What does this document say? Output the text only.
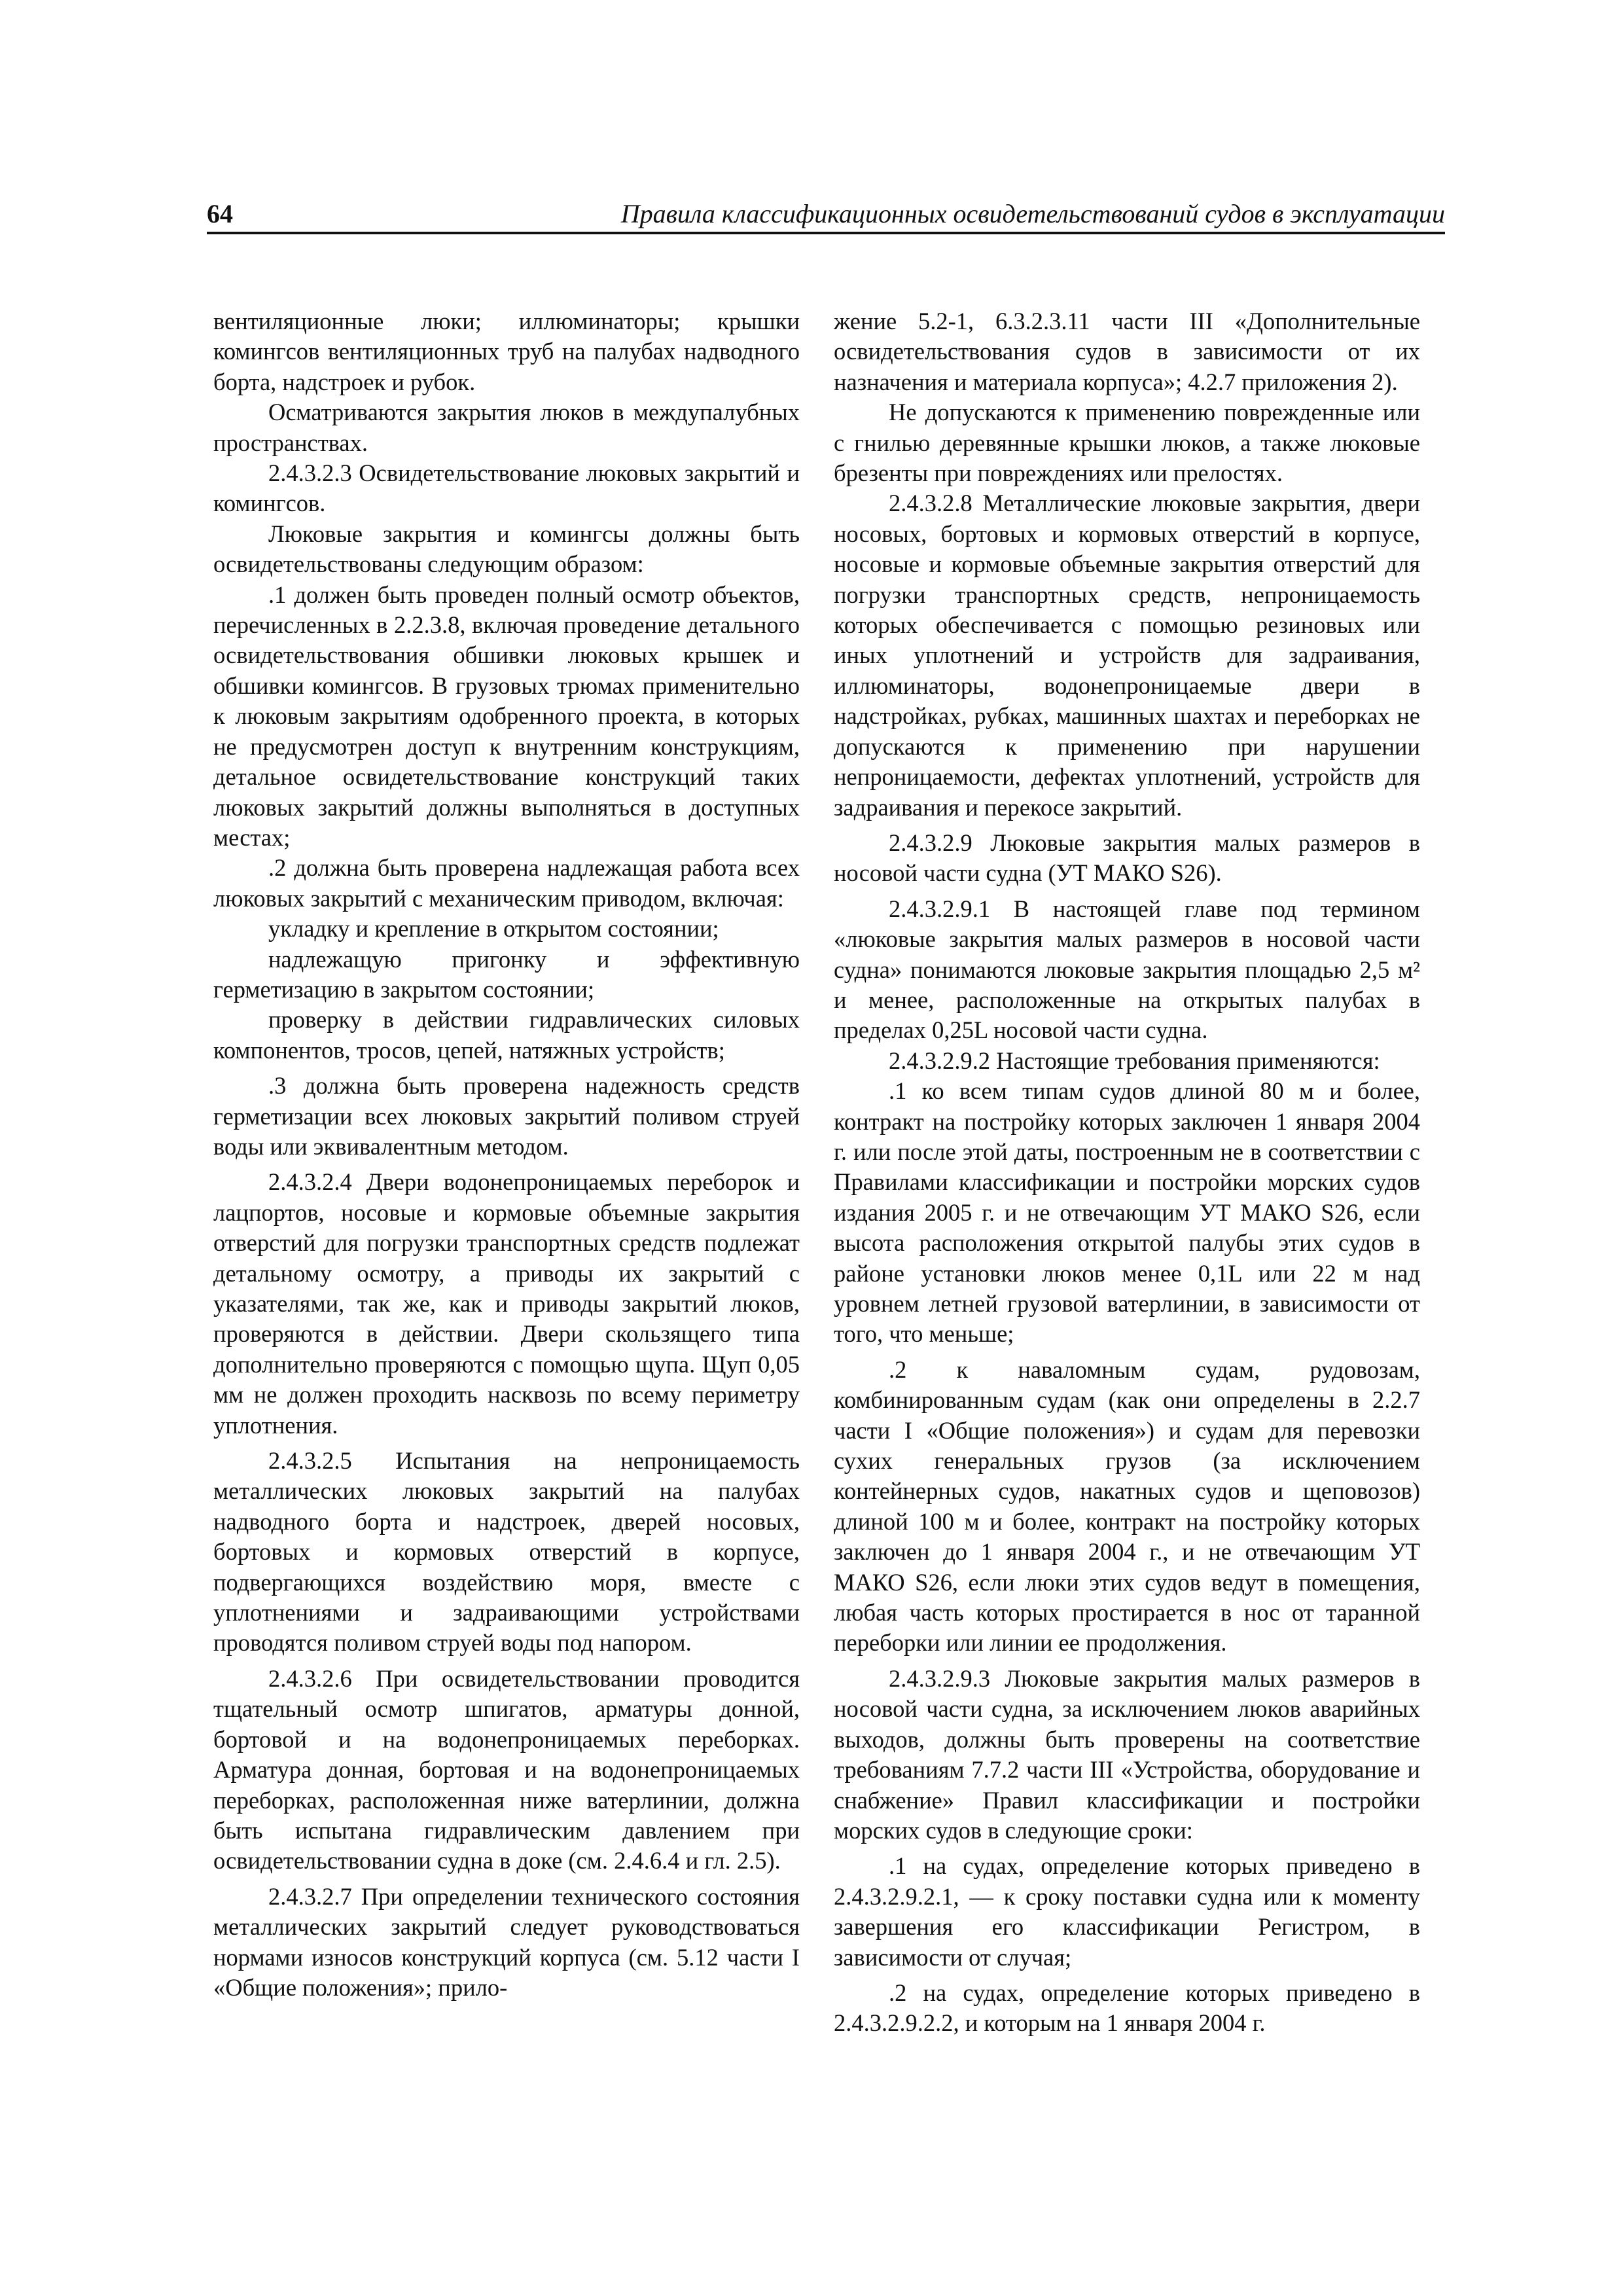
64	Правила классификационных освидетельствований судов в эксплуатации

вентиляционные люки; иллюминаторы; крышки комингсов вентиляционных труб на палубах надводного борта, надстроек и рубок.

Осматриваются закрытия люков в междупалубных пространствах.

2.4.3.2.3 Освидетельствование люковых закрытий и комингсов.

Люковые закрытия и комингсы должны быть освидетельствованы следующим образом:

.1 должен быть проведен полный осмотр объектов, перечисленных в 2.2.3.8, включая проведение детального освидетельствования обшивки люковых крышек и обшивки комингсов. В грузовых трюмах применительно к люковым закрытиям одобренного проекта, в которых не предусмотрен доступ к внутренним конструкциям, детальное освидетельствование конструкций таких люковых закрытий должны выполняться в доступных местах;

.2 должна быть проверена надлежащая работа всех люковых закрытий с механическим приводом, включая:

укладку и крепление в открытом состоянии;

надлежащую пригонку и эффективную герметизацию в закрытом состоянии;

проверку в действии гидравлических силовых компонентов, тросов, цепей, натяжных устройств;

.3 должна быть проверена надежность средств герметизации всех люковых закрытий поливом струей воды или эквивалентным методом.

2.4.3.2.4 Двери водонепроницаемых переборок и лацпортов, носовые и кормовые объемные закрытия отверстий для погрузки транспортных средств подлежат детальному осмотру, а приводы их закрытий с указателями, так же, как и приводы закрытий люков, проверяются в действии. Двери скользящего типа дополнительно проверяются с помощью щупа. Щуп 0,05 мм не должен проходить насквозь по всему периметру уплотнения.

2.4.3.2.5 Испытания на непроницаемость металлических люковых закрытий на палубах надводного борта и надстроек, дверей носовых, бортовых и кормовых отверстий в корпусе, подвергающихся воздействию моря, вместе с уплотнениями и задраивающими устройствами проводятся поливом струей воды под напором.

2.4.3.2.6 При освидетельствовании проводится тщательный осмотр шпигатов, арматуры донной, бортовой и на водонепроницаемых переборках. Арматура донная, бортовая и на водонепроницаемых переборках, расположенная ниже ватерлинии, должна быть испытана гидравлическим давлением при освидетельствовании судна в доке (см. 2.4.6.4 и гл. 2.5).

2.4.3.2.7 При определении технического состояния металлических закрытий следует руководствоваться нормами износов конструкций корпуса (см. 5.12 части I «Общие положения»; прило-

жение 5.2-1, 6.3.2.3.11 части III «Дополнительные освидетельствования судов в зависимости от их назначения и материала корпуса»; 4.2.7 приложения 2).

Не допускаются к применению поврежденные или с гнилью деревянные крышки люков, а также люковые брезенты при повреждениях или прелостях.

2.4.3.2.8 Металлические люковые закрытия, двери носовых, бортовых и кормовых отверстий в корпусе, носовые и кормовые объемные закрытия отверстий для погрузки транспортных средств, непроницаемость которых обеспечивается с помощью резиновых или иных уплотнений и устройств для задраивания, иллюминаторы, водонепроницаемые двери в надстройках, рубках, машинных шахтах и переборках не допускаются к применению при нарушении непроницаемости, дефектах уплотнений, устройств для задраивания и перекосе закрытий.

2.4.3.2.9 Люковые закрытия малых размеров в носовой части судна (УТ МАКО S26).

2.4.3.2.9.1 В настоящей главе под термином «люковые закрытия малых размеров в носовой части судна» понимаются люковые закрытия площадью 2,5 м² и менее, расположенные на открытых палубах в пределах 0,25L носовой части судна.

2.4.3.2.9.2 Настоящие требования применяются:

.1 ко всем типам судов длиной 80 м и более, контракт на постройку которых заключен 1 января 2004 г. или после этой даты, построенным не в соответствии с Правилами классификации и постройки морских судов издания 2005 г. и не отвечающим УТ МАКО S26, если высота расположения открытой палубы этих судов в районе установки люков менее 0,1L или 22 м над уровнем летней грузовой ватерлинии, в зависимости от того, что меньше;

.2 к наваломным судам, рудовозам, комбинированным судам (как они определены в 2.2.7 части I «Общие положения») и судам для перевозки сухих генеральных грузов (за исключением контейнерных судов, накатных судов и щеповозов) длиной 100 м и более, контракт на постройку которых заключен до 1 января 2004 г., и не отвечающим УТ МАКО S26, если люки этих судов ведут в помещения, любая часть которых простирается в нос от таранной переборки или линии ее продолжения.

2.4.3.2.9.3 Люковые закрытия малых размеров в носовой части судна, за исключением люков аварийных выходов, должны быть проверены на соответствие требованиям 7.7.2 части III «Устройства, оборудование и снабжение» Правил классификации и постройки морских судов в следующие сроки:

.1 на судах, определение которых приведено в 2.4.3.2.9.2.1, — к сроку поставки судна или к моменту завершения его классификации Регистром, в зависимости от случая;

.2 на судах, определение которых приведено в 2.4.3.2.9.2.2, и которым на 1 января 2004 г.
